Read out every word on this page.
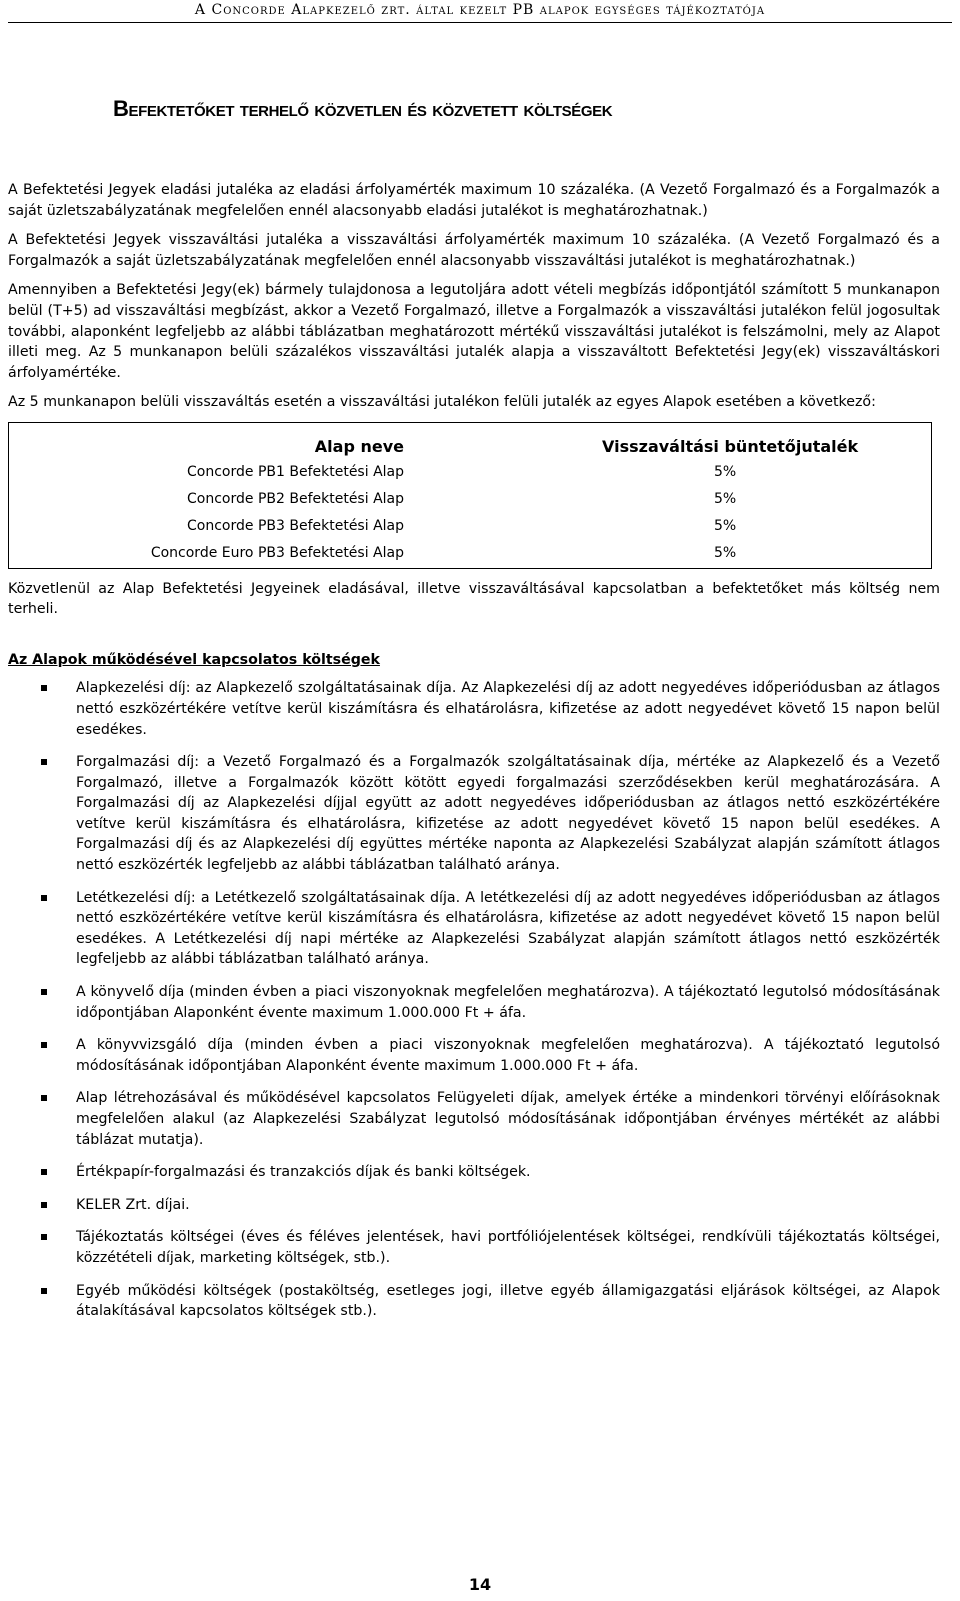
A Concorde Alapkezelő zrt. által kezelt PB alapok egységes tájékoztatója
Befektetőket terhelő közvetlen és közvetett költségek

A Befektetési Jegyek eladási jutaléka az eladási árfolyamérték maximum 10 százaléka. (A Vezető Forgalmazó és a Forgalmazók a saját üzletszabályzatának megfelelően ennél alacsonyabb eladási jutalékot is meghatározhatnak.)

A Befektetési Jegyek visszaváltási jutaléka a visszaváltási árfolyamérték maximum 10 százaléka. (A Vezető Forgalmazó és a Forgalmazók a saját üzletszabályzatának megfelelően ennél alacsonyabb visszaváltási jutalékot is meghatározhatnak.)

Amennyiben a Befektetési Jegy(ek) bármely tulajdonosa a legutoljára adott vételi megbízás időpontjától számított 5 munkanapon belül (T+5) ad visszaváltási megbízást, akkor a Vezető Forgalmazó, illetve a Forgalmazók a visszaváltási jutalékon felül jogosultak további, alaponként legfeljebb az alábbi táblázatban meghatározott mértékű visszaváltási jutalékot is felszámolni, mely az Alapot illeti meg. Az 5 munkanapon belüli százalékos visszaváltási jutalék alapja a visszaváltott Befektetési Jegy(ek) visszaváltáskori árfolyamértéke.

Az 5 munkanapon belüli visszaváltás esetén a visszaváltási jutalékon felüli jutalék az egyes Alapok esetében a következő:

Alap neve	Visszaváltási büntetőjutalék
Concorde PB1 Befektetési Alap	5%
Concorde PB2 Befektetési Alap	5%
Concorde PB3 Befektetési Alap	5%
Concorde Euro PB3 Befektetési Alap	5%

Közvetlenül az Alap Befektetési Jegyeinek eladásával, illetve visszaváltásával kapcsolatban a befektetőket más költség nem terheli.

Az Alapok működésével kapcsolatos költségek
Alapkezelési díj: az Alapkezelő szolgáltatásainak díja. Az Alapkezelési díj az adott negyedéves időperiódusban az átlagos nettó eszközértékére vetítve kerül kiszámításra és elhatárolásra, kifizetése az adott negyedévet követő 15 napon belül esedékes.
Forgalmazási díj: a Vezető Forgalmazó és a Forgalmazók szolgáltatásainak díja, mértéke az Alapkezelő és a Vezető Forgalmazó, illetve a Forgalmazók között kötött egyedi forgalmazási szerződésekben kerül meghatározására. A Forgalmazási díj az Alapkezelési díjjal együtt az adott negyedéves időperiódusban az átlagos nettó eszközértékére vetítve kerül kiszámításra és elhatárolásra, kifizetése az adott negyedévet követő 15 napon belül esedékes. A Forgalmazási díj és az Alapkezelési díj együttes mértéke naponta az Alapkezelési Szabályzat alapján számított átlagos nettó eszközérték legfeljebb az alábbi táblázatban található aránya.
Letétkezelési díj: a Letétkezelő szolgáltatásainak díja. A letétkezelési díj az adott negyedéves időperiódusban az átlagos nettó eszközértékére vetítve kerül kiszámításra és elhatárolásra, kifizetése az adott negyedévet követő 15 napon belül esedékes. A Letétkezelési díj napi mértéke az Alapkezelési Szabályzat alapján számított átlagos nettó eszközérték legfeljebb az alábbi táblázatban található aránya.
A könyvelő díja (minden évben a piaci viszonyoknak megfelelően meghatározva). A tájékoztató legutolsó módosításának időpontjában Alaponként évente maximum 1.000.000 Ft + áfa.
A könyvvizsgáló díja (minden évben a piaci viszonyoknak megfelelően meghatározva). A tájékoztató legutolsó módosításának időpontjában Alaponként évente maximum 1.000.000 Ft + áfa.
Alap létrehozásával és működésével kapcsolatos Felügyeleti díjak, amelyek értéke a mindenkori törvényi előírásoknak megfelelően alakul (az Alapkezelési Szabályzat legutolsó módosításának időpontjában érvényes mértékét az alábbi táblázat mutatja).
Értékpapír-forgalmazási és tranzakciós díjak és banki költségek.
KELER Zrt. díjai.
Tájékoztatás költségei (éves és féléves jelentések, havi portfóliójelentések költségei, rendkívüli tájékoztatás költségei, közzétételi díjak, marketing költségek, stb.).
Egyéb működési költségek (postaköltség, esetleges jogi, illetve egyéb államigazgatási eljárások költségei, az Alapok átalakításával kapcsolatos költségek stb.).
14
